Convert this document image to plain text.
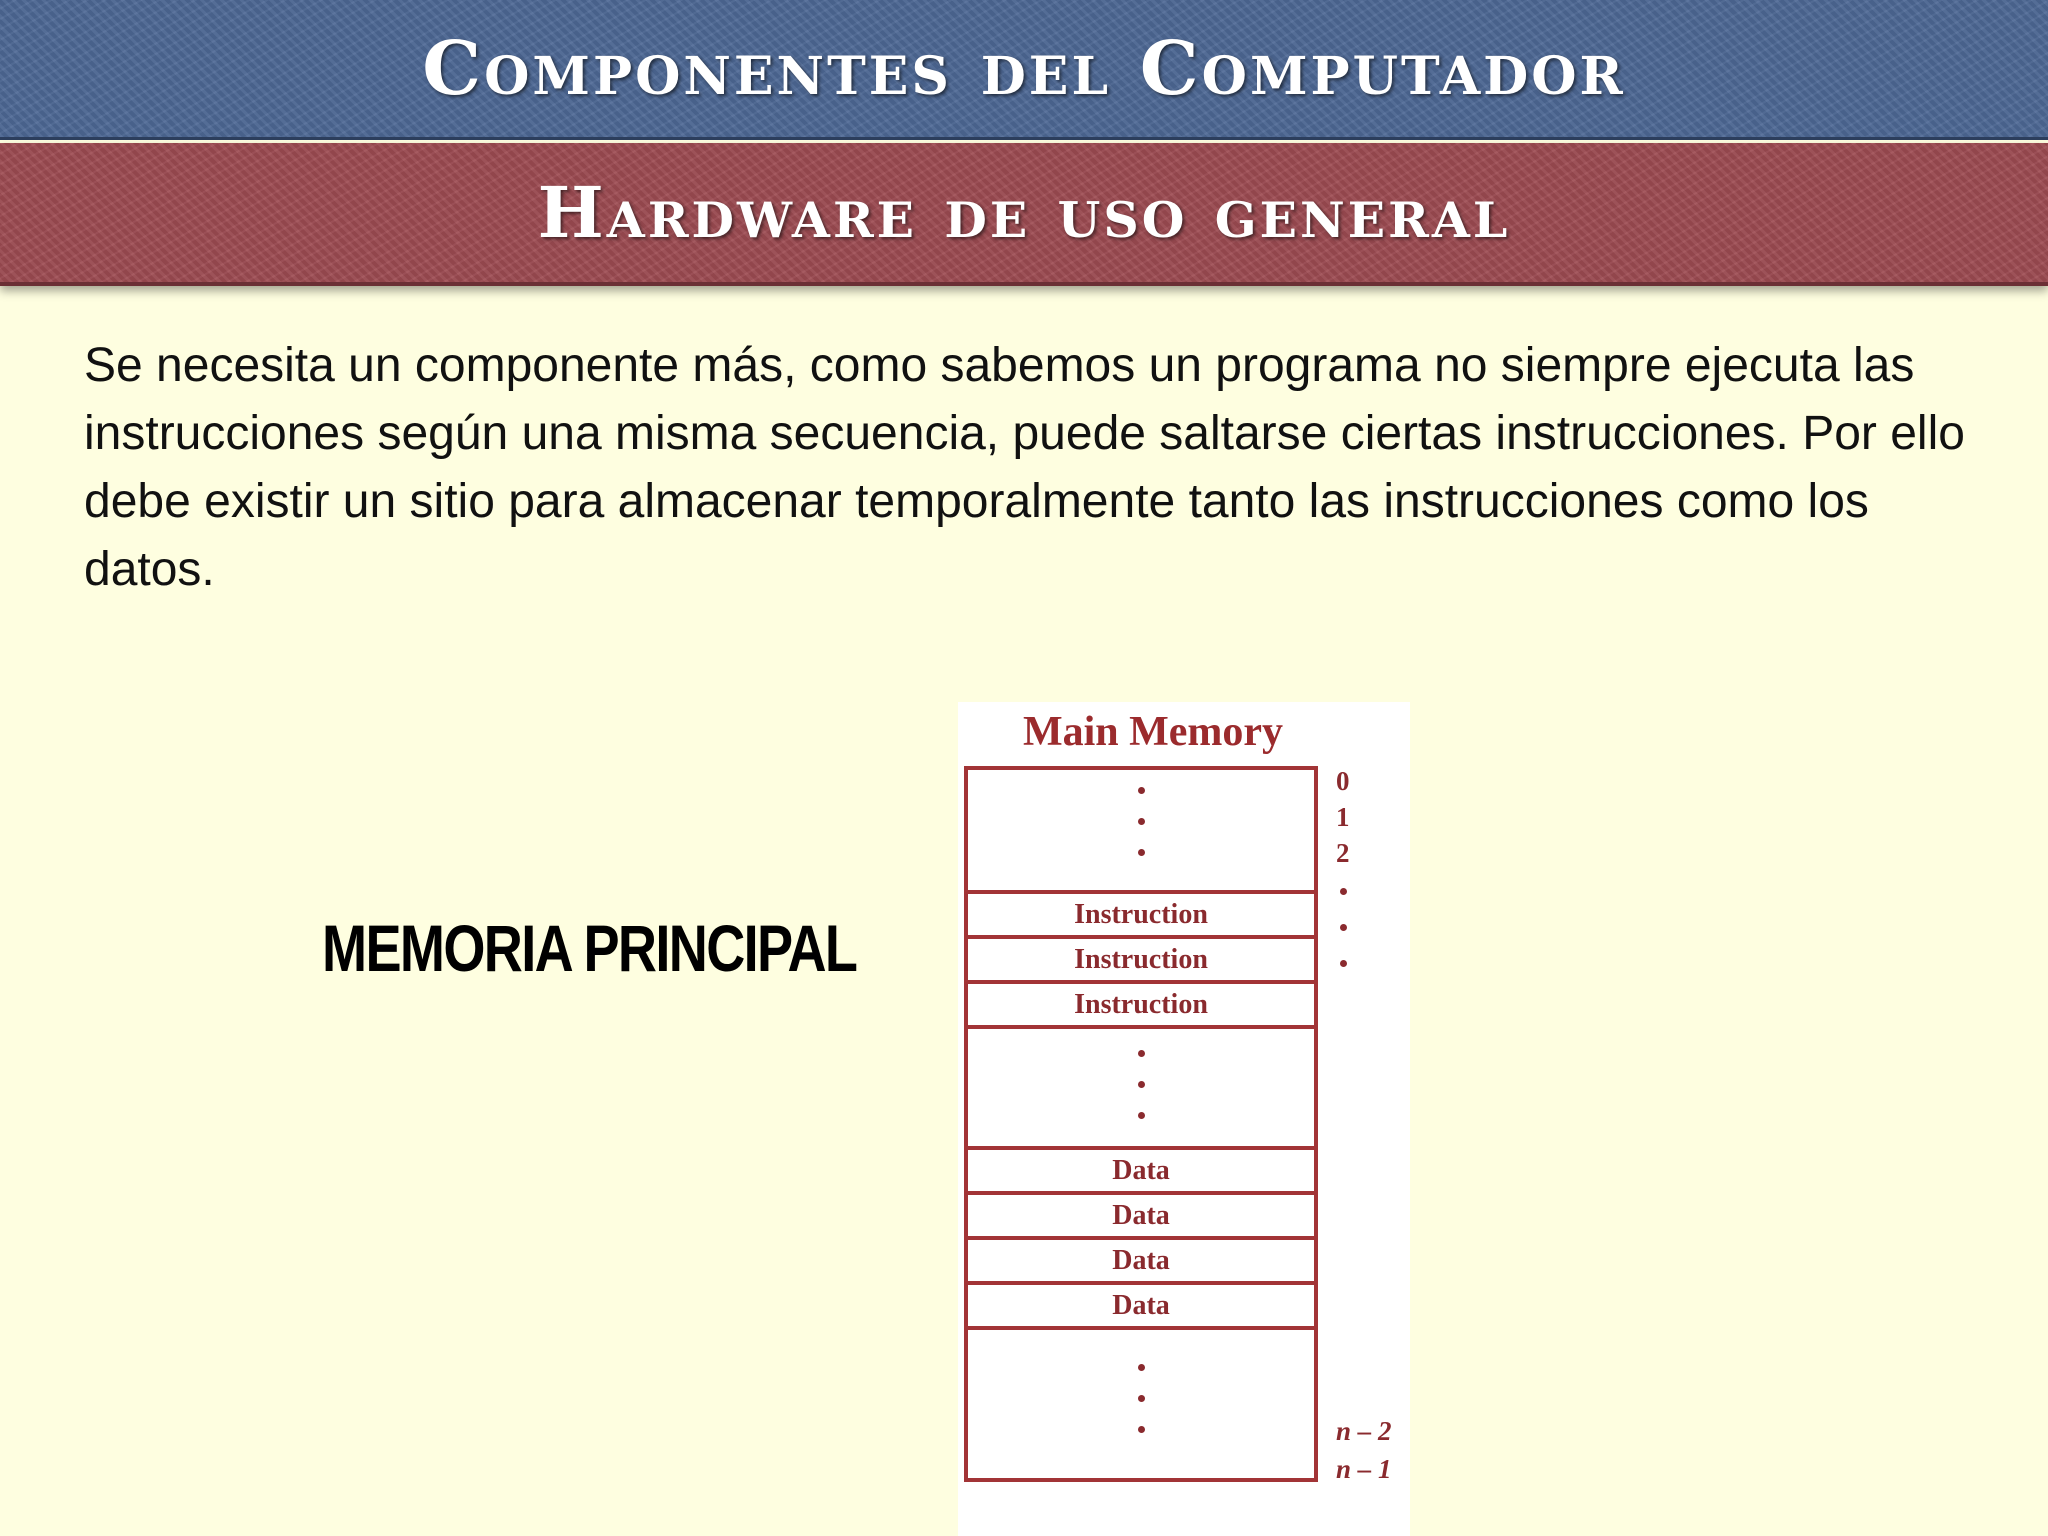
Componentes del Computador
Hardware de uso general

Se necesita un componente más, como sabemos un programa no siempre ejecuta las instrucciones según una misma secuencia, puede saltarse ciertas instrucciones. Por ello debe existir un sitio para almacenar temporalmente tanto las instrucciones como los datos.

MEMORIA PRINCIPAL
Main Memory
Instruction
Instruction
Instruction
Data
Data
Data
Data
0
1
2
n – 2
n – 1
